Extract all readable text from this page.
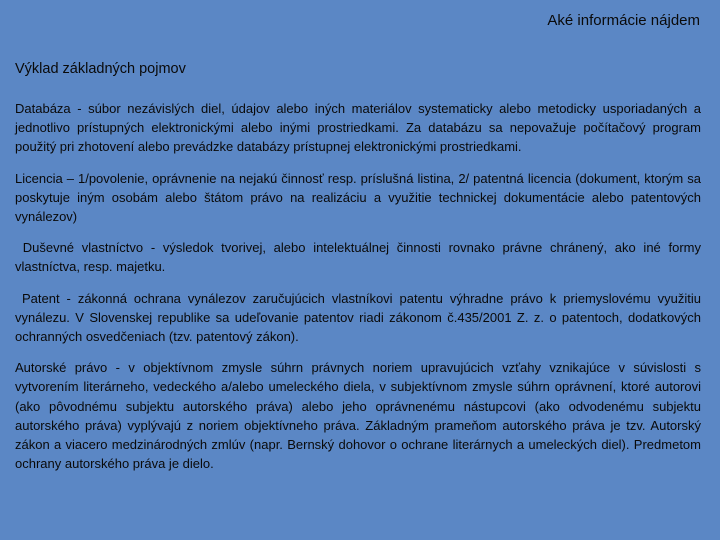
Aké informácie nájdem
Výklad základných pojmov

Databáza - súbor nezávislých diel, údajov alebo iných materiálov systematicky alebo metodicky usporiadaných a jednotlivo prístupných elektronickými alebo inými prostriedkami. Za databázu sa nepovažuje počítačový program použitý pri zhotovení alebo prevádzke databázy prístupnej elektronickými prostriedkami.

Licencia – 1/povolenie, oprávnenie na nejakú činnosť resp. príslušná listina, 2/ patentná licencia (dokument, ktorým sa poskytuje iným osobám alebo štátom právo na realizáciu a využitie technickej dokumentácie alebo patentových vynálezov)

Duševné vlastníctvo - výsledok tvorivej, alebo intelektuálnej činnosti rovnako právne chránený, ako iné formy vlastníctva, resp. majetku.

Patent - zákonná ochrana vynálezov zaručujúcich vlastníkovi patentu výhradne právo k priemyslovému využitiu vynálezu. V Slovenskej republike sa udeľovanie patentov riadi zákonom č.435/2001 Z. z. o patentoch, dodatkových ochranných osvedčeniach (tzv. patentový zákon).

Autorské právo - v objektívnom zmysle súhrn právnych noriem upravujúcich vzťahy vznikajúce v súvislosti s vytvorením literárneho, vedeckého a/alebo umeleckého diela, v subjektívnom zmysle súhrn oprávnení, ktoré autorovi (ako pôvodnému subjektu autorského práva) alebo jeho oprávnenému nástupcovi (ako odvodenému subjektu autorského práva) vyplývajú z noriem objektívneho práva. Základným prameňom autorského práva je tzv. Autorský zákon a viacero medzinárodných zmlúv (napr. Bernský dohovor o ochrane literárnych a umeleckých diel). Predmetom ochrany autorského práva je dielo.
